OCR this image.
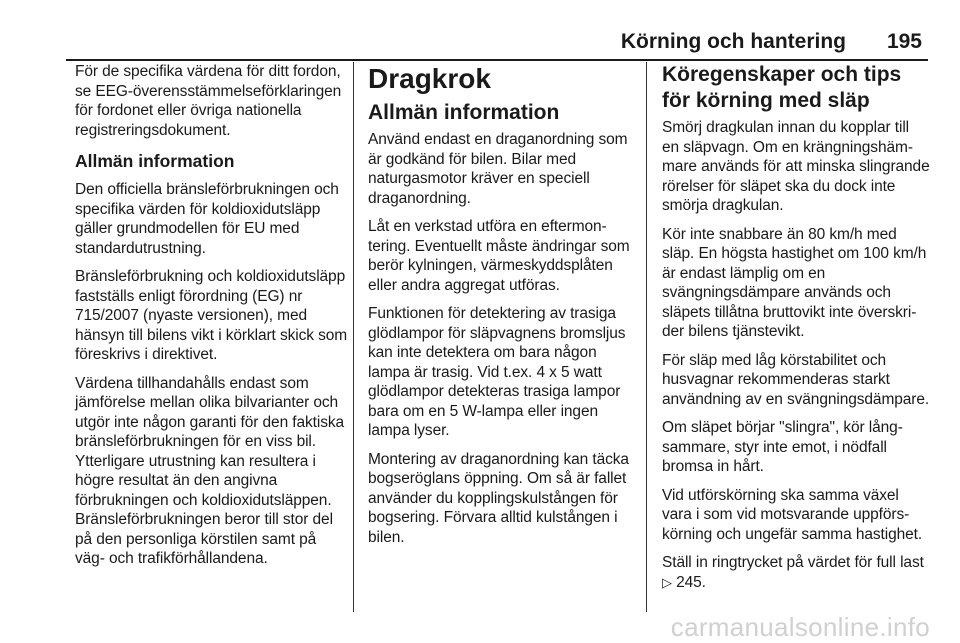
Körning och hantering 195

För de specifika värdena för ditt fordon, se EEG-överensstämmelseförklaringen för fordonet eller övriga nationella registreringsdokument.

Allmän information

Den officiella bränsleförbrukningen och specifika värden för koldioxidutsläpp gäller grundmodellen för EU med standardutrustning.

Bränsleförbrukning och koldioxidutsläpp fastställs enligt förordning (EG) nr 715/2007 (nyaste versionen), med hänsyn till bilens vikt i körklart skick som föreskrivs i direktivet.

Värdena tillhandahålls endast som jämförelse mellan olika bilvarianter och utgör inte någon garanti för den faktiska bränsleförbrukningen för en viss bil. Ytterligare utrustning kan resultera i högre resultat än den angivna förbrukningen och koldioxidutsläppen. Bränsleförbrukningen beror till stor del på den personliga körstilen samt på väg- och trafikförhållandena.

Dragkrok
Allmän information

Använd endast en draganordning som är godkänd för bilen. Bilar med naturgasmotor kräver en speciell draganordning.

Låt en verkstad utföra en eftermontering. Eventuellt måste ändringar som berör kylningen, värmeskyddsplåten eller andra aggregat utföras.

Funktionen för detektering av trasiga glödlampor för släpvagnens bromsljus kan inte detektera om bara någon lampa är trasig. Vid t.ex. 4 x 5 watt glödlampor detekteras trasiga lampor bara om en 5 W-lampa eller ingen lampa lyser.

Montering av draganordning kan täcka bogseröglans öppning. Om så är fallet använder du kopplingskulstången för bogsering. Förvara alltid kulstången i bilen.

Köregenskaper och tips för körning med släp

Smörj dragkulan innan du kopplar till en släpvagn. Om en krängningshämmare används för att minska slingrande rörelser för släpet ska du dock inte smörja dragkulan.

Kör inte snabbare än 80 km/h med släp. En högsta hastighet om 100 km/h är endast lämplig om en svängningsdämpare används och släpets tillåtna bruttovikt inte överskrider bilens tjänstevikt.

För släp med låg körstabilitet och husvagnar rekommenderas starkt användning av en svängningsdämpare.

Om släpet börjar "slingra", kör långsammare, styr inte emot, i nödfall bromsa in hårt.

Vid utförskörning ska samma växel vara i som vid motsvarande uppförskörning och ungefär samma hastighet.

Ställ in ringtrycket på värdet för full last ▷ 245.

carmanualsonline.info
